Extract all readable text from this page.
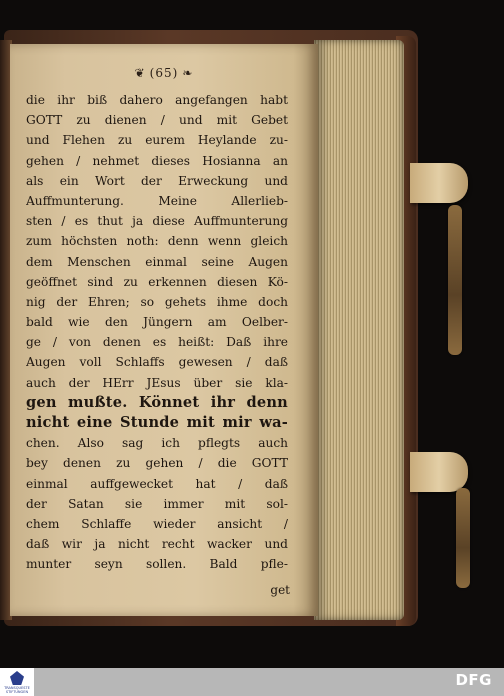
❦ (65) ❧
die ihr biß dahero angefangen habt
GOTT zu dienen / und mit Gebet
und Flehen zu eurem Heylande zu-
gehen / nehmet dieses Hosianna an
als ein Wort der Erweckung und
Auffmunterung. Meine Allerlieb-
sten / es thut ja diese Auffmunterung
zum höchsten noth: denn wenn gleich
dem Menschen einmal seine Augen
geöffnet sind zu erkennen diesen Kö-
nig der Ehren; so gehets ihme doch
bald wie den Jüngern am Oelber-
ge / von denen es heißt: Daß ihre
Augen voll Schlaffs gewesen / daß
auch der HErr JEsus über sie kla-
gen mußte. Könnet ihr denn
nicht eine Stunde mit mir wa-
chen. Also sag ich pflegts auch
bey denen zu gehen / die GOTT
einmal auffgewecket hat / daß
der Satan sie immer mit sol-
chem Schlaffe wieder ansicht /
daß wir ja nicht recht wacker und
munter seyn sollen. Bald pfle-
get
TRANSQUESTE STIFTUNGEN
DFG
